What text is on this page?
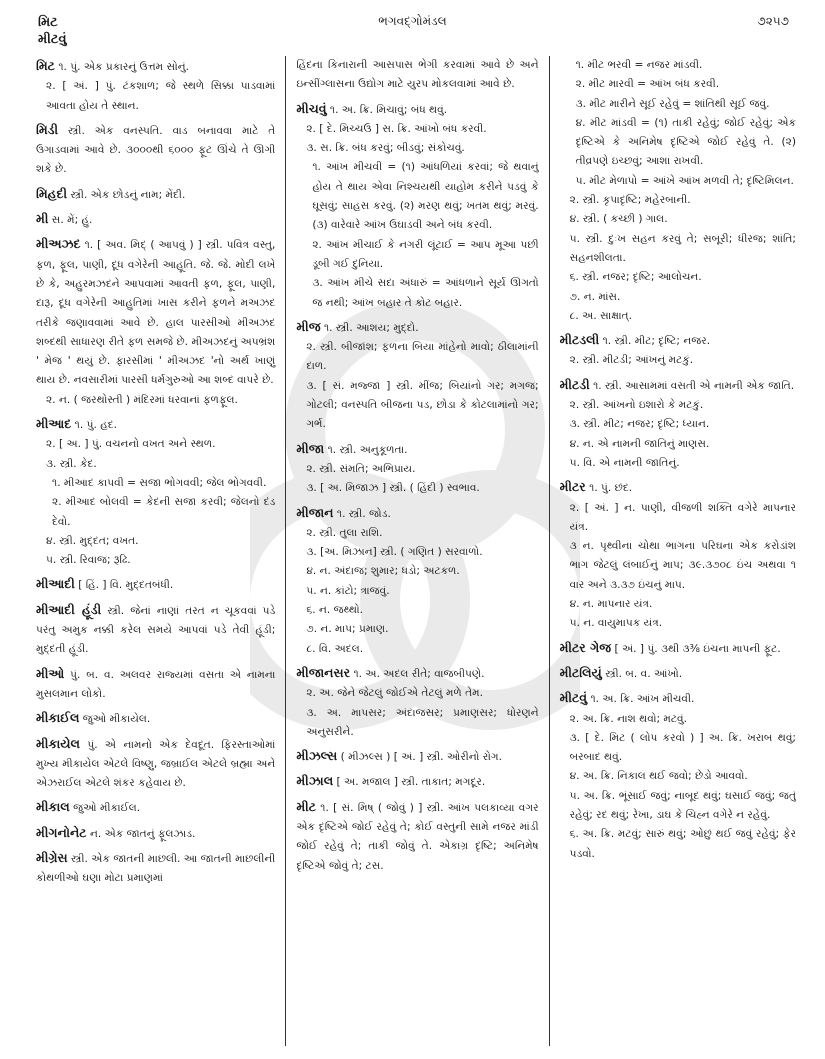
મિટ
મીટવું
ભગવદ્ગોમંડલ	૭૨૫૭
મિટ ૧. પું. એક પ્રકારનું ઉત્તમ સોનું.
૨. [ અં. ] પું. ટંકશાળ; જે સ્થળે સિક્કા પાડવામાં આવતા હોય તે સ્થાન.
મિડી સ્ત્રી. એક વનસ્પતિ. વાડ બનાવવા માટે તે ઉગાડવામાં આવે છે. ૩૦૦૦થી ૬૦૦૦ ફૂટ ઊંચે તે ઊગી શકે છે.
મિહદી સ્ત્રી. એક છોડનું નામ; મેંદી.
મી સ. મેં; હું.
મીઅઝદ ૧. [ અવ. મિદ્ ( આપવું ) ] સ્ત્રી. પવિત્ર વસ્તુ, ફળ, ફૂલ, પાણી, દૂધ વગેરેની આહૂતિ. જે. જે. મોદી લખે છે કે, અહુરમઝદને આપવામાં આવતી ફળ, ફૂલ, પાણી, દારૂ, દૂધ વગેરેની આહુતિમાં ખાસ કરીને ફળને મઅઝદ તરીકે જણાવવામાં આવે છે. હાલ પારસીઓ મીઅઝદ શબ્દથી સાધારણ રીતે ફળ સમજે છે. મીઅઝદનું અપભ્રંશ ' મેજ ' થયું છે. ફારસીમાં ' મીઅઝદ 'નો અર્થ ખાણું થાય છે. નવસારીમાં પારસી ધર્મગુરુઓ આ શબ્દ વાપરે છે.
૨. ન. ( જરથોસ્તી ) મંદિરમાં ધરવાનાં ફળફૂલ.
મીઆદ ૧. પું. હદ.
૨. [ અ. ] પું. વચનનો વખત અને સ્થળ.
૩. સ્ત્રી. કેદ.
૧. મીઆદ કાપવી = સજા ભોગવવી; જેલ ભોગવવી.
૨. મીઆદ બોલવી = કેદની સજા કરવી; જેલનો દંડ દેવો.
૪. સ્ત્રી. મુદ્દત; વખત.
૫. સ્ત્રી. રિવાજ; રૂઢિ.
મીઆદી [ હિં. ] વિ. મુદ્દતબંધી.
મીઆદી હૂંડી સ્ત્રી. જેનાં નાણાં તરત ન ચૂકવવાં પડે પરંતુ અમુક નક્કી કરેલ સમયે આપવાં પડે તેવી હૂંડી; મુદ્દતી હૂંડી.
મીઓ પું. બ. વ. અલવર રાજ્યમાં વસતા એ નામના મુસલમાન લોકો.
મીકાઈલ જુઓ મીકાયેલ.
મીકાયેલ પું. એ નામનો એક દેવદૂત. ફિરસ્તાઓમાં મુખ્ય મીકાયેલ એટલે વિષ્ણુ, જબ્રાઈલ એટલે બ્રહ્મા અને એઝરાઈલ એટલે શંકર કહેવાય છે.
મીકાલ જુઓ મીકાઈલ.
મીગનોનેટ ન. એક જાતનું ફૂલઝાડ.
મીગ્રેસ સ્ત્રી. એક જાતની માછલી. આ જાતની માછલીની કોથળીઓ ઘણા મોટા પ્રમાણમાં
હિંદના કિનારાની આસપાસ ભેગી કરવામાં આવે છે અને ઇન્સીંગ્લાસના ઉદ્યોગ માટે યુરપ મોકલવામાં આવે છે.
મીચવું ૧. અ. ક્રિ. મિચાવું; બંધ થવું.
૨. [ દે. મિચ્ચઉ ] સ. ક્રિ. આંખો બંધ કરવી.
૩. સ. ક્રિ. બંધ કરવું; બીડવું; સંકોચવું.
૧. આંખ મીચવી = (૧) આંધળિયાં કરવાં; જે થવાનું હોય તે થાય એવા નિશ્ચયથી યાહોમ કરીને પડવું કે ઘૂસવું; સાહસ કરવું. (૨) મરણ થવું; ખતમ થવું; મરવું. (૩) વારેવારે આંખ ઉઘાડવી અને બંધ કરવી.
૨. આંખ મીચાઈ કે નગરી લૂંટાઈ = આપ મૂઆ પછી ડૂબી ગઈ દુનિયા.
૩. આંખ મીચે સદા અંધારું = આંધળાને સૂર્ય ઊગતો જ નથી; આંખ બહાર તે કોટ બહાર.
મીજ ૧. સ્ત્રી. આશય; મુદ્દો.
૨. સ્ત્રી. બીજાંશ; ફળના બિયા માંહેનો માવો; ઠીલામાંની દાળ.
૩. [ સં. મજ્જા ] સ્ત્રી. મીંજ; બિયાંનો ગર; મગજ; ગોટલી; વનસ્પતિ બીજના પડ, છોડા કે કોટલામાંનો ગર; ગર્ભ.
મીજા ૧. સ્ત્રી. અનુકૂળતા.
૨. સ્ત્રી. સંમતિ; અભિપ્રાય.
૩. [ અ. મિજાઝ ] સ્ત્રી. ( હિંદી ) સ્વભાવ.
મીજાન ૧. સ્ત્રી. જોડ.
૨. સ્ત્રી. તુલા રાશિ.
૩. [અ. મિઝાન] સ્ત્રી. ( ગણિત ) સરવાળો.
૪. ન. અંદાજ; શુમાર; ધડો; અટકળ.
૫. ન. કાંટો; ત્રાજવું.
૬. ન. જથ્થો.
૭. ન. માપ; પ્રમાણ.
૮. વિ. અદલ.
મીજાનસર ૧. અ. અદલ રીતે; વાજબીપણે.
૨. અ. જેને જેટલું જોઈએ તેટલું મળે તેમ.
૩. અ. માપસર; અંદાજસર; પ્રમાણસર; ધોરણને અનુસરીને.
મીઝલ્સ ( મીઝલ્સ ) [ અં. ] સ્ત્રી. ઓરીનો રોગ.
મીઝાલ [ અ. મજાલ ] સ્ત્રી. તાકાત; મગદૂર.
મીટ ૧. [ સં. મિષ્ ( જોવું ) ] સ્ત્રી. આંખ પલકાવ્યા વગર એક દૃષ્ટિએ જોઈ રહેવું તે; કોઈ વસ્તુની સામે નજર માંડી જોઈ રહેવું તે; તાકી જોવું તે. એકાગ્ર દૃષ્ટિ; અનિમેષ દૃષ્ટિએ જોવું તે; ટસ.
૧. મીટ ભરવી = નજર માંડવી.
૨. મીટ મારવી = આંખ બંધ કરવી.
૩. મીટ મારીને સૂઈ રહેવું = શાંતિથી સૂઈ જવું.
૪. મીટ માંડવી = (૧) તાકી રહેવું; જોઈ રહેવું; એક દૃષ્ટિએ કે અનિમેષ દૃષ્ટિએ જોઈ રહેવું તે. (૨) તીવ્રપણે ઇચ્છવું; આશા રાખવી.
૫. મીટ મેળાપો = આંખે આંખ મળવી તે; દૃષ્ટિમિલન.
૨. સ્ત્રી. કૃપાદૃષ્ટિ; મહેરબાની.
૪. સ્ત્રી. ( કચ્છી ) ગાલ.
૫. સ્ત્રી. દુઃખ સહન કરવું તે; સબૂરી; ધીરજ; શાંતિ; સહનશીલતા.
૬. સ્ત્રી. નજર; દૃષ્ટિ; આલોચન.
૭. ન. માંસ.
૮. અ. સાક્ષાત્.
મીટડલી ૧. સ્ત્રી. મીટ; દૃષ્ટિ; નજર.
૨. સ્ત્રી. મીટડી; આંખનું મટકું.
મીટડી ૧. સ્ત્રી. આસામમાં વસતી એ નામની એક જાતિ.
૨. સ્ત્રી. આંખનો ઇશારો કે મટકું.
૩. સ્ત્રી. મીટ; નજર; દૃષ્ટિ; ધ્યાન.
૪. ન. એ નામની જાતિનું માણસ.
૫. વિ. એ નામની જાતિનું.
મીટર ૧. પું. છંદ.
૨. [ અં. ] ન. પાણી, વીજળી શક્તિ વગેરે માપનાર યંત્ર.
૩ ન. પૃથ્વીના ચોથા ભાગના પરિઘના એક કરોડાંશ ભાગ જેટલું લંબાઈનું માપ; ૩૯.૩૭૦૮ ઇંચ અથવા ૧ વાર અને ૩.૩૭ ઇંચનું માપ.
૪. ન. માપનાર યંત્ર.
૫. ન. વાયુમાપક યંત્ર.
મીટર ગેજ [ અં. ] પું. ૩થી ૩⅜ ઇંચના માપની ફૂટ.
મીટલિયું સ્ત્રી. બ. વ. આંખો.
મીટવું ૧. અ. ક્રિ. આંખ મીચવી.
૨. અ. ક્રિ. નાશ થવો; મટવું.
૩. [ દે. મિટ ( લોપ કરવો ) ] અ. ક્રિ. ખરાબ થવું; બરબાદ થવું.
૪. અ. ક્રિ. નિકાલ થઈ જવો; છેડો આવવો.
૫. અ. ક્રિ. ભૂંસાઈ જવું; નાબૂદ થવું; ઘસાઈ જવું; જતું રહેવું; રદ થવું; રેખા, ડાઘ કે ચિહ્ન વગેરે ન રહેવું.
૬. અ. ક્રિ. મટવું; સારું થવું; ઓછું થઈ જવું રહેવું; ફેર પડવો.
